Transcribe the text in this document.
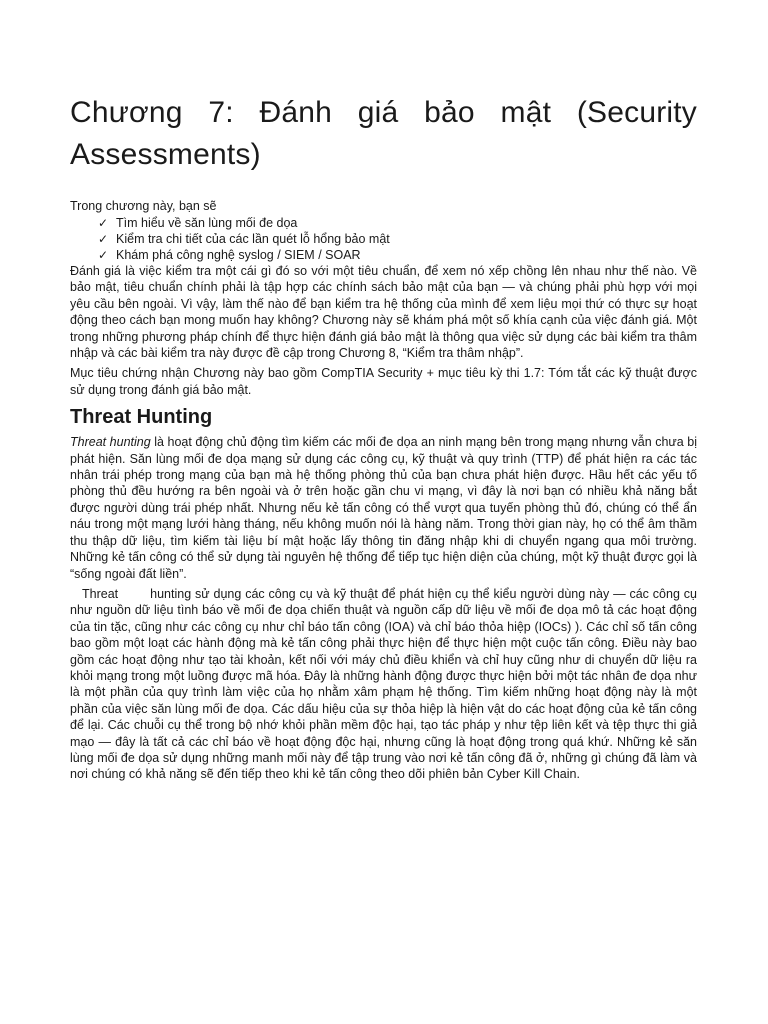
Chương 7: Đánh giá bảo mật (Security Assessments)

Trong chương này, bạn sẽ

✓ Tìm hiểu về săn lùng mối đe dọa
✓ Kiểm tra chi tiết của các lần quét lỗ hổng bảo mật
✓ Khám phá công nghệ syslog / SIEM / SOAR

Đánh giá là việc kiểm tra một cái gì đó so với một tiêu chuẩn, để xem nó xếp chồng lên nhau như thế nào. Về bảo mật, tiêu chuẩn chính phải là tập hợp các chính sách bảo mật của bạn — và chúng phải phù hợp với mọi yêu cầu bên ngoài. Vì vậy, làm thế nào để bạn kiểm tra hệ thống của mình để xem liệu mọi thứ có thực sự hoạt động theo cách bạn mong muốn hay không? Chương này sẽ khám phá một số khía cạnh của việc đánh giá. Một trong những phương pháp chính để thực hiện đánh giá bảo mật là thông qua việc sử dụng các bài kiểm tra thâm nhập và các bài kiểm tra này được đề cập trong Chương 8, “Kiểm tra thâm nhập”.

Mục tiêu chứng nhận Chương này bao gồm CompTIA Security + mục tiêu kỳ thi 1.7: Tóm tắt các kỹ thuật được sử dụng trong đánh giá bảo mật.

Threat Hunting

Threat hunting là hoạt động chủ động tìm kiếm các mối đe dọa an ninh mạng bên trong mạng nhưng vẫn chưa bị phát hiện. Săn lùng mối đe dọa mạng sử dụng các công cụ, kỹ thuật và quy trình (TTP) để phát hiện ra các tác nhân trái phép trong mạng của bạn mà hệ thống phòng thủ của bạn chưa phát hiện được. Hầu hết các yếu tố phòng thủ đều hướng ra bên ngoài và ở trên hoặc gần chu vi mạng, vì đây là nơi bạn có nhiều khả năng bắt được người dùng trái phép nhất. Nhưng nếu kẻ tấn công có thể vượt qua tuyến phòng thủ đó, chúng có thể ẩn náu trong một mạng lưới hàng tháng, nếu không muốn nói là hàng năm. Trong thời gian này, họ có thể âm thầm thu thập dữ liệu, tìm kiếm tài liệu bí mật hoặc lấy thông tin đăng nhập khi di chuyển ngang qua môi trường. Những kẻ tấn công có thể sử dụng tài nguyên hệ thống để tiếp tục hiện diện của chúng, một kỹ thuật được gọi là “sống ngoài đất liền”.

Threat	hunting sử dụng các công cụ và kỹ thuật để phát hiện cụ thể kiểu người dùng này — các công cụ như nguồn dữ liệu tình báo về mối đe dọa chiến thuật và nguồn cấp dữ liệu về mối đe dọa mô tả các hoạt động của tin tặc, cũng như các công cụ như chỉ báo tấn công (IOA) và chỉ báo thỏa hiệp (IOCs) ). Các chỉ số tấn công bao gồm một loạt các hành động mà kẻ tấn công phải thực hiện để thực hiện một cuộc tấn công. Điều này bao gồm các hoạt động như tạo tài khoản, kết nối với máy chủ điều khiển và chỉ huy cũng như di chuyển dữ liệu ra khỏi mạng trong một luồng được mã hóa. Đây là những hành động được thực hiện bởi một tác nhân đe dọa như là một phần của quy trình làm việc của họ nhằm xâm phạm hệ thống. Tìm kiếm những hoạt động này là một phần của việc săn lùng mối đe dọa. Các dấu hiệu của sự thỏa hiệp là hiện vật do các hoạt động của kẻ tấn công để lại. Các chuỗi cụ thể trong bộ nhớ khỏi phần mềm độc hại, tạo tác pháp y như tệp liên kết và tệp thực thi giả mạo — đây là tất cả các chỉ báo về hoạt động độc hại, nhưng cũng là hoạt động trong quá khứ. Những kẻ săn lùng mối đe dọa sử dụng những manh mối này để tập trung vào nơi kẻ tấn công đã ở, những gì chúng đã làm và nơi chúng có khả năng sẽ đến tiếp theo khi kẻ tấn công theo dõi phiên bản Cyber Kill Chain.
